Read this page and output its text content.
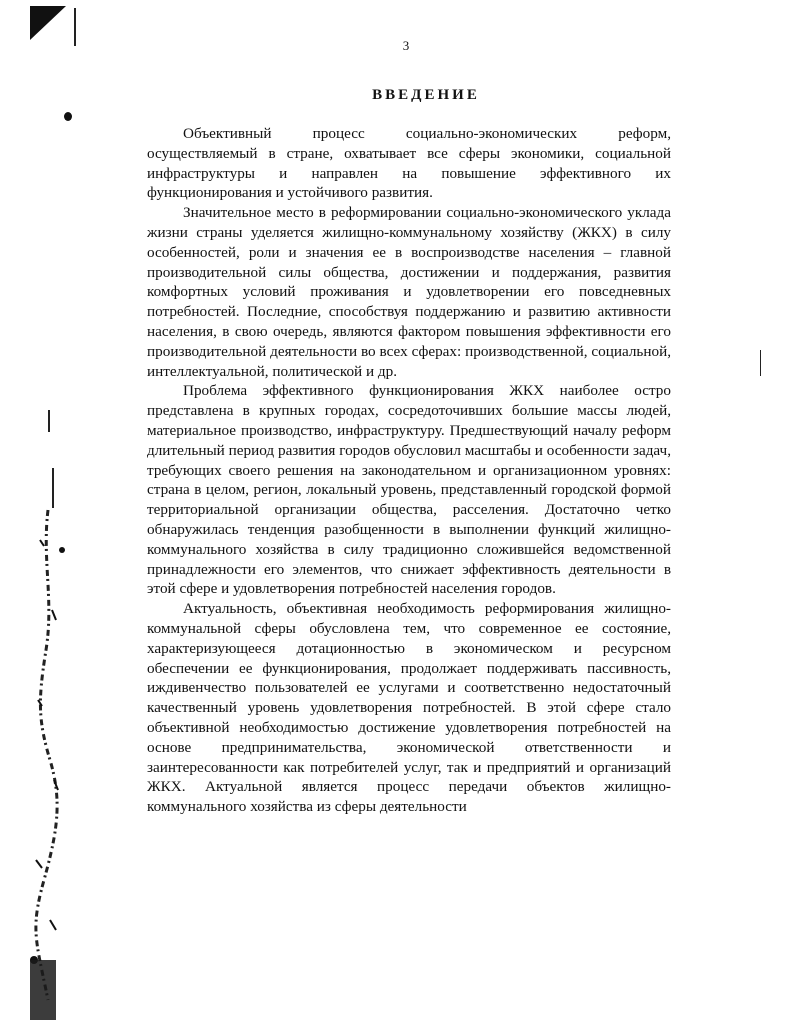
3
ВВЕДЕНИЕ

Объективный процесс социально-экономических реформ, осуществляемый в стране, охватывает все сферы экономики, социальной инфраструктуры и направлен на повышение эффективного их функционирования и устойчивого развития.

Значительное место в реформировании социально-экономического уклада жизни страны уделяется жилищно-коммунальному хозяйству (ЖКХ) в силу особенностей, роли и значения ее в воспроизводстве населения – главной производительной силы общества, достижении и поддержания, развития комфортных условий проживания и удовлетворении его повседневных потребностей. Последние, способствуя поддержанию и развитию активности населения, в свою очередь, являются фактором повышения эффективности его производительной деятельности во всех сферах: производственной, социальной, интеллектуальной, политической и др.

Проблема эффективного функционирования ЖКХ наиболее остро представлена в крупных городах, сосредоточивших большие массы людей, материальное производство, инфраструктуру. Предшествующий началу реформ длительный период развития городов обусловил масштабы и особенности задач, требующих своего решения на законодательном и организационном уровнях: страна в целом, регион, локальный уровень, представленный городской формой территориальной организации общества, расселения. Достаточно четко обнаружилась тенденция разобщенности в выполнении функций жилищно-коммунального хозяйства в силу традиционно сложившейся ведомственной принадлежности его элементов, что снижает эффективность деятельности в этой сфере и удовлетворения потребностей населения городов.

Актуальность, объективная необходимость реформирования жилищно-коммунальной сферы обусловлена тем, что современное ее состояние, характеризующееся дотационностью в экономическом и ресурсном обеспечении ее функционирования, продолжает поддерживать пассивность, иждивенчество пользователей ее услугами и соответственно недостаточный качественный уровень удовлетворения потребностей. В этой сфере стало объективной необходимостью достижение удовлетворения потребностей на основе предпринимательства, экономической ответственности и заинтересованности как потребителей услуг, так и предприятий и организаций ЖКХ. Актуальной является процесс передачи объектов жилищно-коммунального хозяйства из сферы деятельности
